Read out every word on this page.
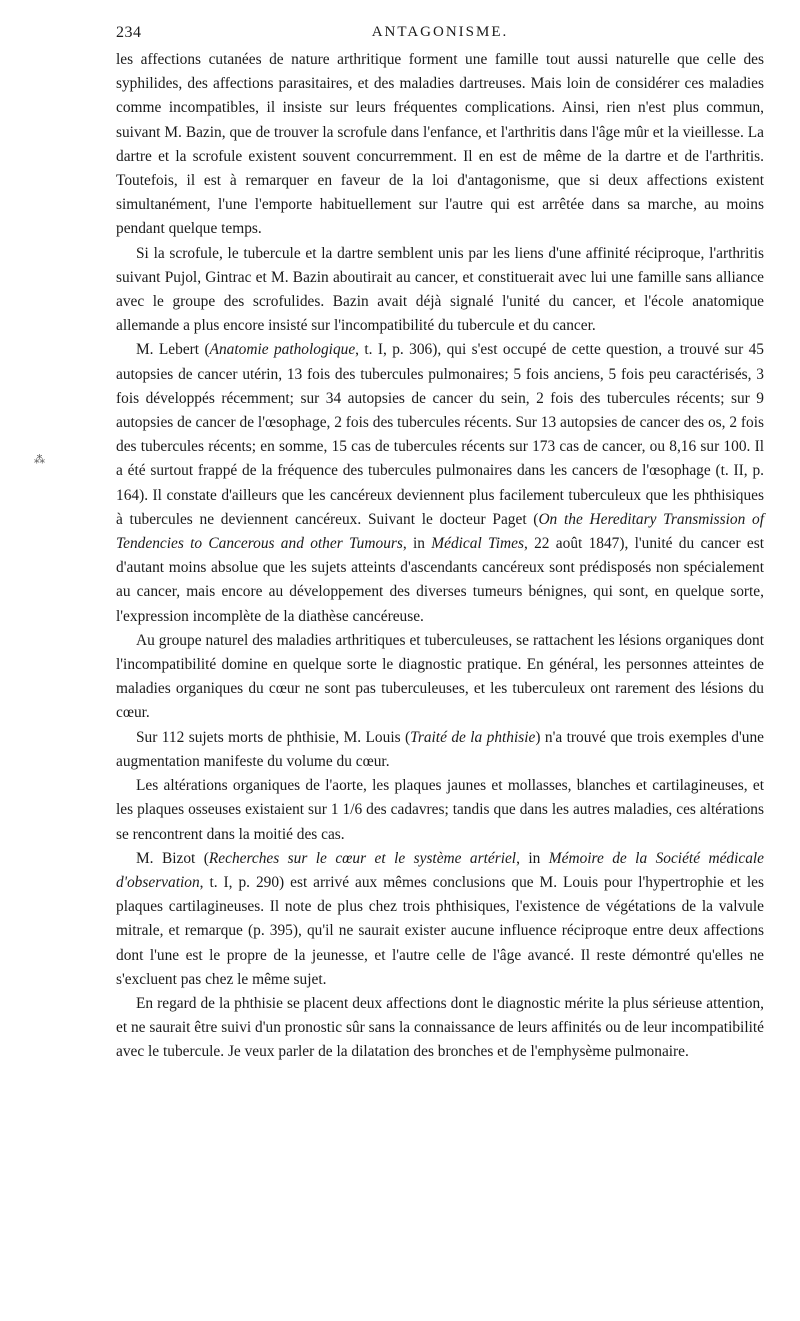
234	ANTAGONISME.

les affections cutanées de nature arthritique forment une famille tout aussi naturelle que celle des syphilides, des affections parasitaires, et des maladies dartreuses. Mais loin de considérer ces maladies comme incompatibles, il insiste sur leurs fréquentes complications. Ainsi, rien n'est plus commun, suivant M. Bazin, que de trouver la scrofule dans l'enfance, et l'arthritis dans l'âge mûr et la vieillesse. La dartre et la scrofule existent souvent concurremment. Il en est de même de la dartre et de l'arthritis. Toutefois, il est à remarquer en faveur de la loi d'antagonisme, que si deux affections existent simultanément, l'une l'emporte habituellement sur l'autre qui est arrêtée dans sa marche, au moins pendant quelque temps.

Si la scrofule, le tubercule et la dartre semblent unis par les liens d'une affinité réciproque, l'arthritis suivant Pujol, Gintrac et M. Bazin aboutirait au cancer, et constituerait avec lui une famille sans alliance avec le groupe des scrofulides. Bazin avait déjà signalé l'unité du cancer, et l'école anatomique allemande a plus encore insisté sur l'incompatibilité du tubercule et du cancer.

M. Lebert (Anatomie pathologique, t. I, p. 306), qui s'est occupé de cette question, a trouvé sur 45 autopsies de cancer utérin, 13 fois des tubercules pulmonaires; 5 fois anciens, 5 fois peu caractérisés, 3 fois développés récemment; sur 34 autopsies de cancer du sein, 2 fois des tubercules récents; sur 9 autopsies de cancer de l'œsophage, 2 fois des tubercules récents. Sur 13 autopsies de cancer des os, 2 fois des tubercules récents; en somme, 15 cas de tubercules récents sur 173 cas de cancer, ou 8,16 sur 100. Il a été surtout frappé de la fréquence des tubercules pulmonaires dans les cancers de l'œsophage (t. II, p. 164). Il constate d'ailleurs que les cancéreux deviennent plus facilement tuberculeux que les phthisiques à tubercules ne deviennent cancéreux. Suivant le docteur Paget (On the Hereditary Transmission of Tendencies to Cancerous and other Tumours, in Médical Times, 22 août 1847), l'unité du cancer est d'autant moins absolue que les sujets atteints d'ascendants cancéreux sont prédisposés non spécialement au cancer, mais encore au développement des diverses tumeurs bénignes, qui sont, en quelque sorte, l'expression incomplète de la diathèse cancéreuse.

Au groupe naturel des maladies arthritiques et tuberculeuses, se rattachent les lésions organiques dont l'incompatibilité domine en quelque sorte le diagnostic pratique. En général, les personnes atteintes de maladies organiques du cœur ne sont pas tuberculeuses, et les tuberculeux ont rarement des lésions du cœur.

Sur 112 sujets morts de phthisie, M. Louis (Traité de la phthisie) n'a trouvé que trois exemples d'une augmentation manifeste du volume du cœur.

Les altérations organiques de l'aorte, les plaques jaunes et mollasses, blanches et cartilagineuses, et les plaques osseuses existaient sur 1 1/6 des cadavres; tandis que dans les autres maladies, ces altérations se rencontrent dans la moitié des cas.

M. Bizot (Recherches sur le cœur et le système artériel, in Mémoire de la Société médicale d'observation, t. I, p. 290) est arrivé aux mêmes conclusions que M. Louis pour l'hypertrophie et les plaques cartilagineuses. Il note de plus chez trois phthisiques, l'existence de végétations de la valvule mitrale, et remarque (p. 395), qu'il ne saurait exister aucune influence réciproque entre deux affections dont l'une est le propre de la jeunesse, et l'autre celle de l'âge avancé. Il reste démontré qu'elles ne s'excluent pas chez le même sujet.

En regard de la phthisie se placent deux affections dont le diagnostic mérite la plus sérieuse attention, et ne saurait être suivi d'un pronostic sûr sans la connaissance de leurs affinités ou de leur incompatibilité avec le tubercule. Je veux parler de la dilatation des bronches et de l'emphysème pulmonaire.

⁂
